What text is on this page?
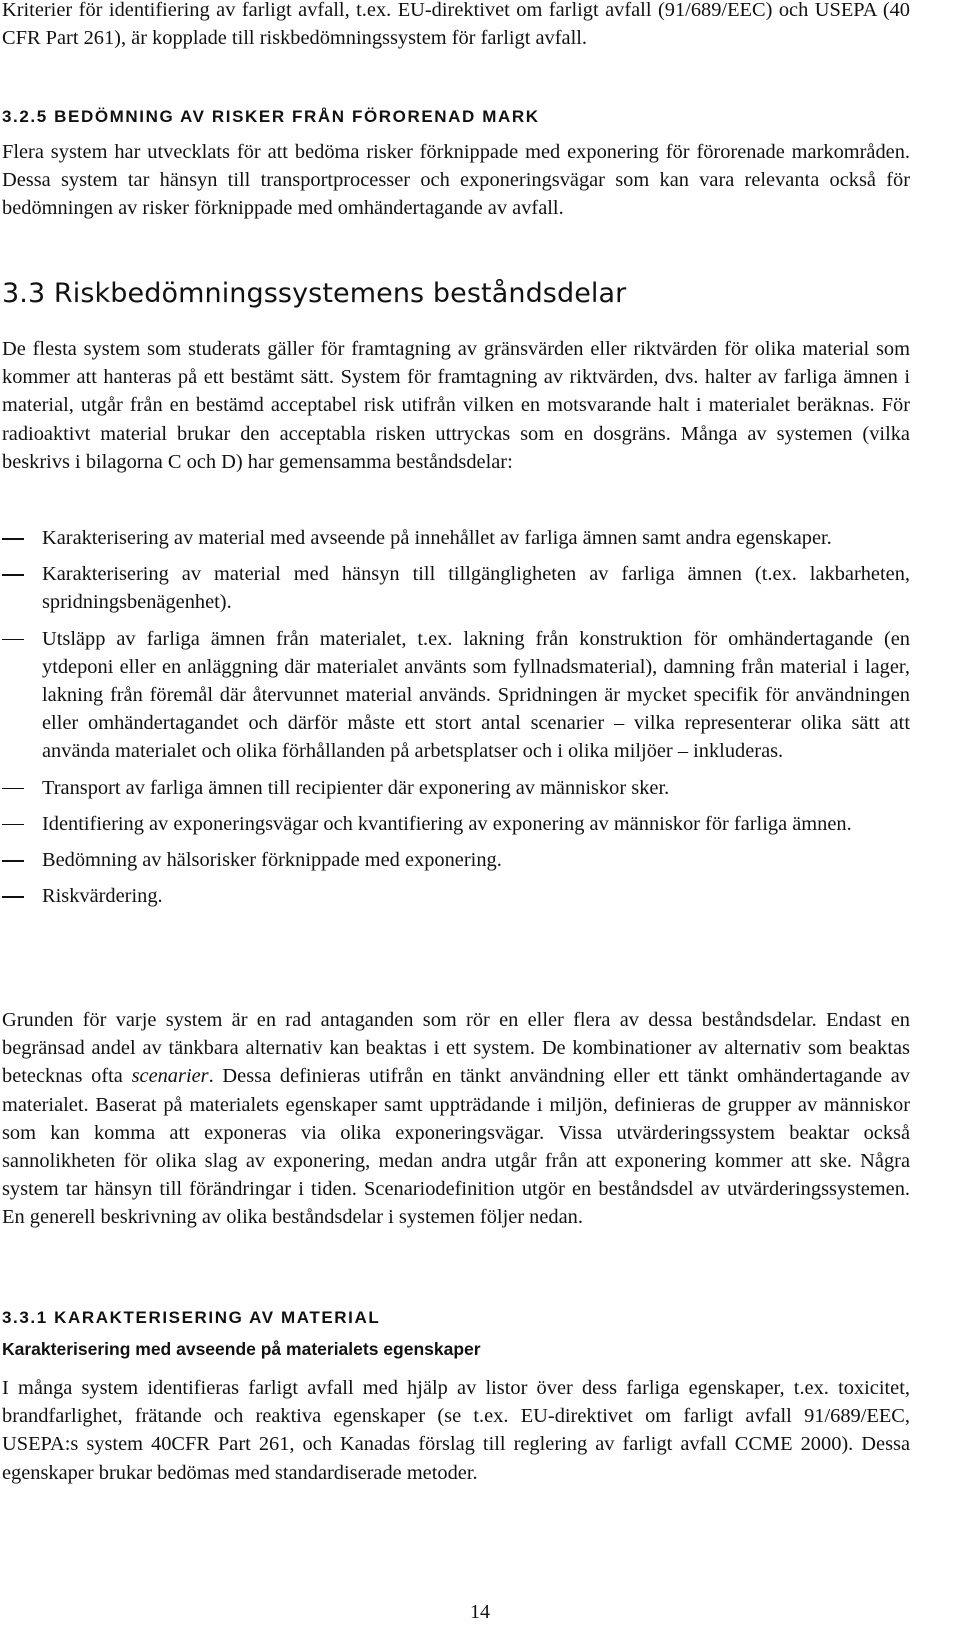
Kriterier för identifiering av farligt avfall, t.ex. EU-direktivet om farligt avfall (91/689/EEC) och USEPA (40 CFR Part 261), är kopplade till riskbedömningssystem för farligt avfall.

3.2.5 BEDÖMNING AV RISKER FRÅN FÖRORENAD MARK

Flera system har utvecklats för att bedöma risker förknippade med exponering för förorenade markområden. Dessa system tar hänsyn till transportprocesser och exponeringsvägar som kan vara relevanta också för bedömningen av risker förknippade med omhändertagande av avfall.

3.3 Riskbedömningssystemens beståndsdelar

De flesta system som studerats gäller för framtagning av gränsvärden eller riktvärden för olika material som kommer att hanteras på ett bestämt sätt. System för framtagning av riktvärden, dvs. halter av farliga ämnen i material, utgår från en bestämd acceptabel risk utifrån vilken en motsvarande halt i materialet beräknas. För radioaktivt material brukar den acceptabla risken uttryckas som en dosgräns. Många av systemen (vilka beskrivs i bilagorna C och D) har gemensamma beståndsdelar:

Karakterisering av material med avseende på innehållet av farliga ämnen samt andra egenskaper.
Karakterisering av material med hänsyn till tillgängligheten av farliga ämnen (t.ex. lakbarheten, spridningsbenägenhet).
Utsläpp av farliga ämnen från materialet, t.ex. lakning från konstruktion för omhändertagande (en ytdeponi eller en anläggning där materialet använts som fyllnadsmaterial), damning från material i lager, lakning från föremål där återvunnet material används. Spridningen är mycket specifik för användningen eller omhändertagandet och därför måste ett stort antal scenarier – vilka representerar olika sätt att använda materialet och olika förhållanden på arbetsplatser och i olika miljöer – inkluderas.
Transport av farliga ämnen till recipienter där exponering av människor sker.
Identifiering av exponeringsvägar och kvantifiering av exponering av människor för farliga ämnen.
Bedömning av hälsorisker förknippade med exponering.
Riskvärdering.

Grunden för varje system är en rad antaganden som rör en eller flera av dessa beståndsdelar. Endast en begränsad andel av tänkbara alternativ kan beaktas i ett system. De kombinationer av alternativ som beaktas betecknas ofta scenarier. Dessa definieras utifrån en tänkt användning eller ett tänkt omhändertagande av materialet. Baserat på materialets egenskaper samt uppträdande i miljön, definieras de grupper av människor som kan komma att exponeras via olika exponeringsvägar. Vissa utvärderingssystem beaktar också sannolikheten för olika slag av exponering, medan andra utgår från att exponering kommer att ske. Några system tar hänsyn till förändringar i tiden. Scenariodefinition utgör en beståndsdel av utvärderingssystemen. En generell beskrivning av olika beståndsdelar i systemen följer nedan.

3.3.1 KARAKTERISERING AV MATERIAL

Karakterisering med avseende på materialets egenskaper

I många system identifieras farligt avfall med hjälp av listor över dess farliga egenskaper, t.ex. toxicitet, brandfarlighet, frätande och reaktiva egenskaper (se t.ex. EU-direktivet om farligt avfall 91/689/EEC, USEPA:s system 40CFR Part 261, och Kanadas förslag till reglering av farligt avfall CCME 2000). Dessa egenskaper brukar bedömas med standardiserade metoder.

14
